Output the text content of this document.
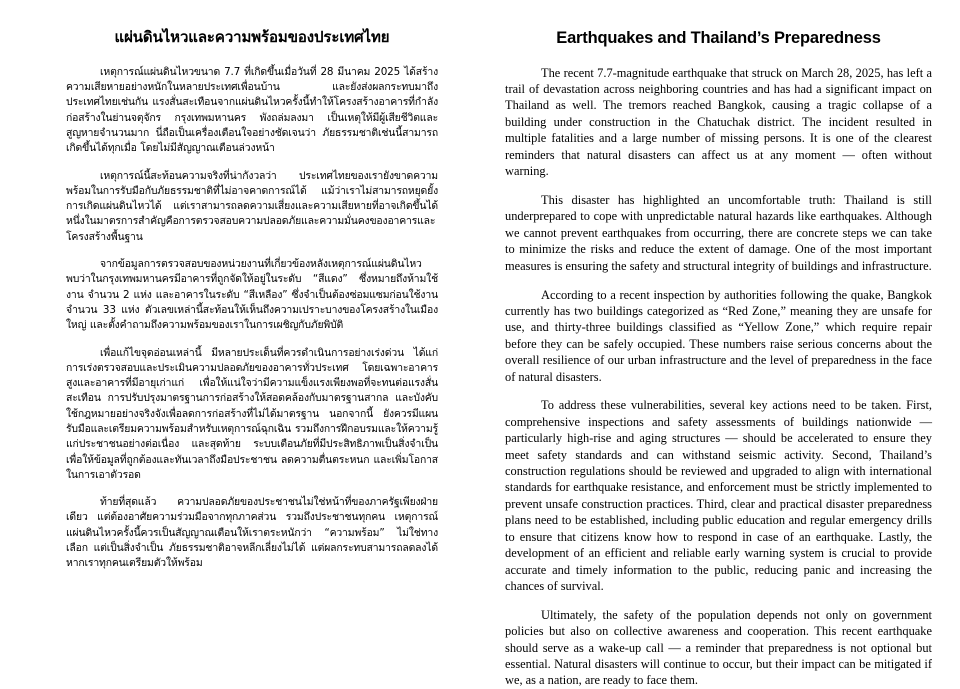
แผ่นดินไหวและความพร้อมของประเทศไทย

เหตุการณ์แผ่นดินไหวขนาด 7.7 ที่เกิดขึ้นเมื่อวันที่ 28 มีนาคม 2025 ได้สร้างความเสียหายอย่างหนักในหลายประเทศเพื่อนบ้าน และยังส่งผลกระทบมาถึงประเทศไทยเช่นกัน แรงสั่นสะเทือนจากแผ่นดินไหวครั้งนี้ทำให้โครงสร้างอาคารที่กำลังก่อสร้างในย่านจตุจักร กรุงเทพมหานคร พังถล่มลงมา เป็นเหตุให้มีผู้เสียชีวิตและสูญหายจำนวนมาก นี่ถือเป็นเครื่องเตือนใจอย่างชัดเจนว่า ภัยธรรมชาติเช่นนี้สามารถเกิดขึ้นได้ทุกเมื่อ โดยไม่มีสัญญาณเตือนล่วงหน้า

เหตุการณ์นี้สะท้อนความจริงที่น่ากังวลว่า ประเทศไทยของเรายังขาดความพร้อมในการรับมือกับภัยธรรมชาติที่ไม่อาจคาดการณ์ได้ แม้ว่าเราไม่สามารถหยุดยั้งการเกิดแผ่นดินไหวได้ แต่เราสามารถลดความเสี่ยงและความเสียหายที่อาจเกิดขึ้นได้ หนึ่งในมาตรการสำคัญคือการตรวจสอบความปลอดภัยและความมั่นคงของอาคารและโครงสร้างพื้นฐาน

จากข้อมูลการตรวจสอบของหน่วยงานที่เกี่ยวข้องหลังเหตุการณ์แผ่นดินไหว พบว่าในกรุงเทพมหานครมีอาคารที่ถูกจัดให้อยู่ในระดับ “สีแดง” ซึ่งหมายถึงห้ามใช้งาน จำนวน 2 แห่ง และอาคารในระดับ “สีเหลือง” ซึ่งจำเป็นต้องซ่อมแซมก่อนใช้งาน จำนวน 33 แห่ง ตัวเลขเหล่านี้สะท้อนให้เห็นถึงความเปราะบางของโครงสร้างในเมืองใหญ่ และตั้งคำถามถึงความพร้อมของเราในการเผชิญกับภัยพิบัติ

เพื่อแก้ไขจุดอ่อนเหล่านี้ มีหลายประเด็นที่ควรดำเนินการอย่างเร่งด่วน ได้แก่ การเร่งตรวจสอบและประเมินความปลอดภัยของอาคารทั่วประเทศ โดยเฉพาะอาคารสูงและอาคารที่มีอายุเก่าแก่ เพื่อให้แน่ใจว่ามีความแข็งแรงเพียงพอที่จะทนต่อแรงสั่นสะเทือน การปรับปรุงมาตรฐานการก่อสร้างให้สอดคล้องกับมาตรฐานสากล และบังคับใช้กฎหมายอย่างจริงจังเพื่อลดการก่อสร้างที่ไม่ได้มาตรฐาน นอกจากนี้ ยังควรมีแผนรับมือและเตรียมความพร้อมสำหรับเหตุการณ์ฉุกเฉิน รวมถึงการฝึกอบรมและให้ความรู้แก่ประชาชนอย่างต่อเนื่อง และสุดท้าย ระบบเตือนภัยที่มีประสิทธิภาพเป็นสิ่งจำเป็น เพื่อให้ข้อมูลที่ถูกต้องและทันเวลาถึงมือประชาชน ลดความตื่นตระหนก และเพิ่มโอกาสในการเอาตัวรอด

ท้ายที่สุดแล้ว ความปลอดภัยของประชาชนไม่ใช่หน้าที่ของภาครัฐเพียงฝ่ายเดียว แต่ต้องอาศัยความร่วมมือจากทุกภาคส่วน รวมถึงประชาชนทุกคน เหตุการณ์แผ่นดินไหวครั้งนี้ควรเป็นสัญญาณเตือนให้เราตระหนักว่า “ความพร้อม” ไม่ใช่ทางเลือก แต่เป็นสิ่งจำเป็น ภัยธรรมชาติอาจหลีกเลี่ยงไม่ได้ แต่ผลกระทบสามารถลดลงได้ หากเราทุกคนเตรียมตัวให้พร้อม

Earthquakes and Thailand’s Preparedness

The recent 7.7-magnitude earthquake that struck on March 28, 2025, has left a trail of devastation across neighboring countries and has had a significant impact on Thailand as well. The tremors reached Bangkok, causing a tragic collapse of a building under construction in the Chatuchak district. The incident resulted in multiple fatalities and a large number of missing persons. It is one of the clearest reminders that natural disasters can affect us at any moment — often without warning.

This disaster has highlighted an uncomfortable truth: Thailand is still underprepared to cope with unpredictable natural hazards like earthquakes. Although we cannot prevent earthquakes from occurring, there are concrete steps we can take to minimize the risks and reduce the extent of damage. One of the most important measures is ensuring the safety and structural integrity of buildings and infrastructure.

According to a recent inspection by authorities following the quake, Bangkok currently has two buildings categorized as “Red Zone,” meaning they are unsafe for use, and thirty-three buildings classified as “Yellow Zone,” which require repair before they can be safely occupied. These numbers raise serious concerns about the overall resilience of our urban infrastructure and the level of preparedness in the face of natural disasters.

To address these vulnerabilities, several key actions need to be taken. First, comprehensive inspections and safety assessments of buildings nationwide — particularly high-rise and aging structures — should be accelerated to ensure they meet safety standards and can withstand seismic activity. Second, Thailand’s construction regulations should be reviewed and upgraded to align with international standards for earthquake resistance, and enforcement must be strictly implemented to prevent unsafe construction practices. Third, clear and practical disaster preparedness plans need to be established, including public education and regular emergency drills to ensure that citizens know how to respond in case of an earthquake. Lastly, the development of an efficient and reliable early warning system is crucial to provide accurate and timely information to the public, reducing panic and increasing the chances of survival.

Ultimately, the safety of the population depends not only on government policies but also on collective awareness and cooperation. This recent earthquake should serve as a wake-up call — a reminder that preparedness is not optional but essential. Natural disasters will continue to occur, but their impact can be mitigated if we, as a nation, are ready to face them.
